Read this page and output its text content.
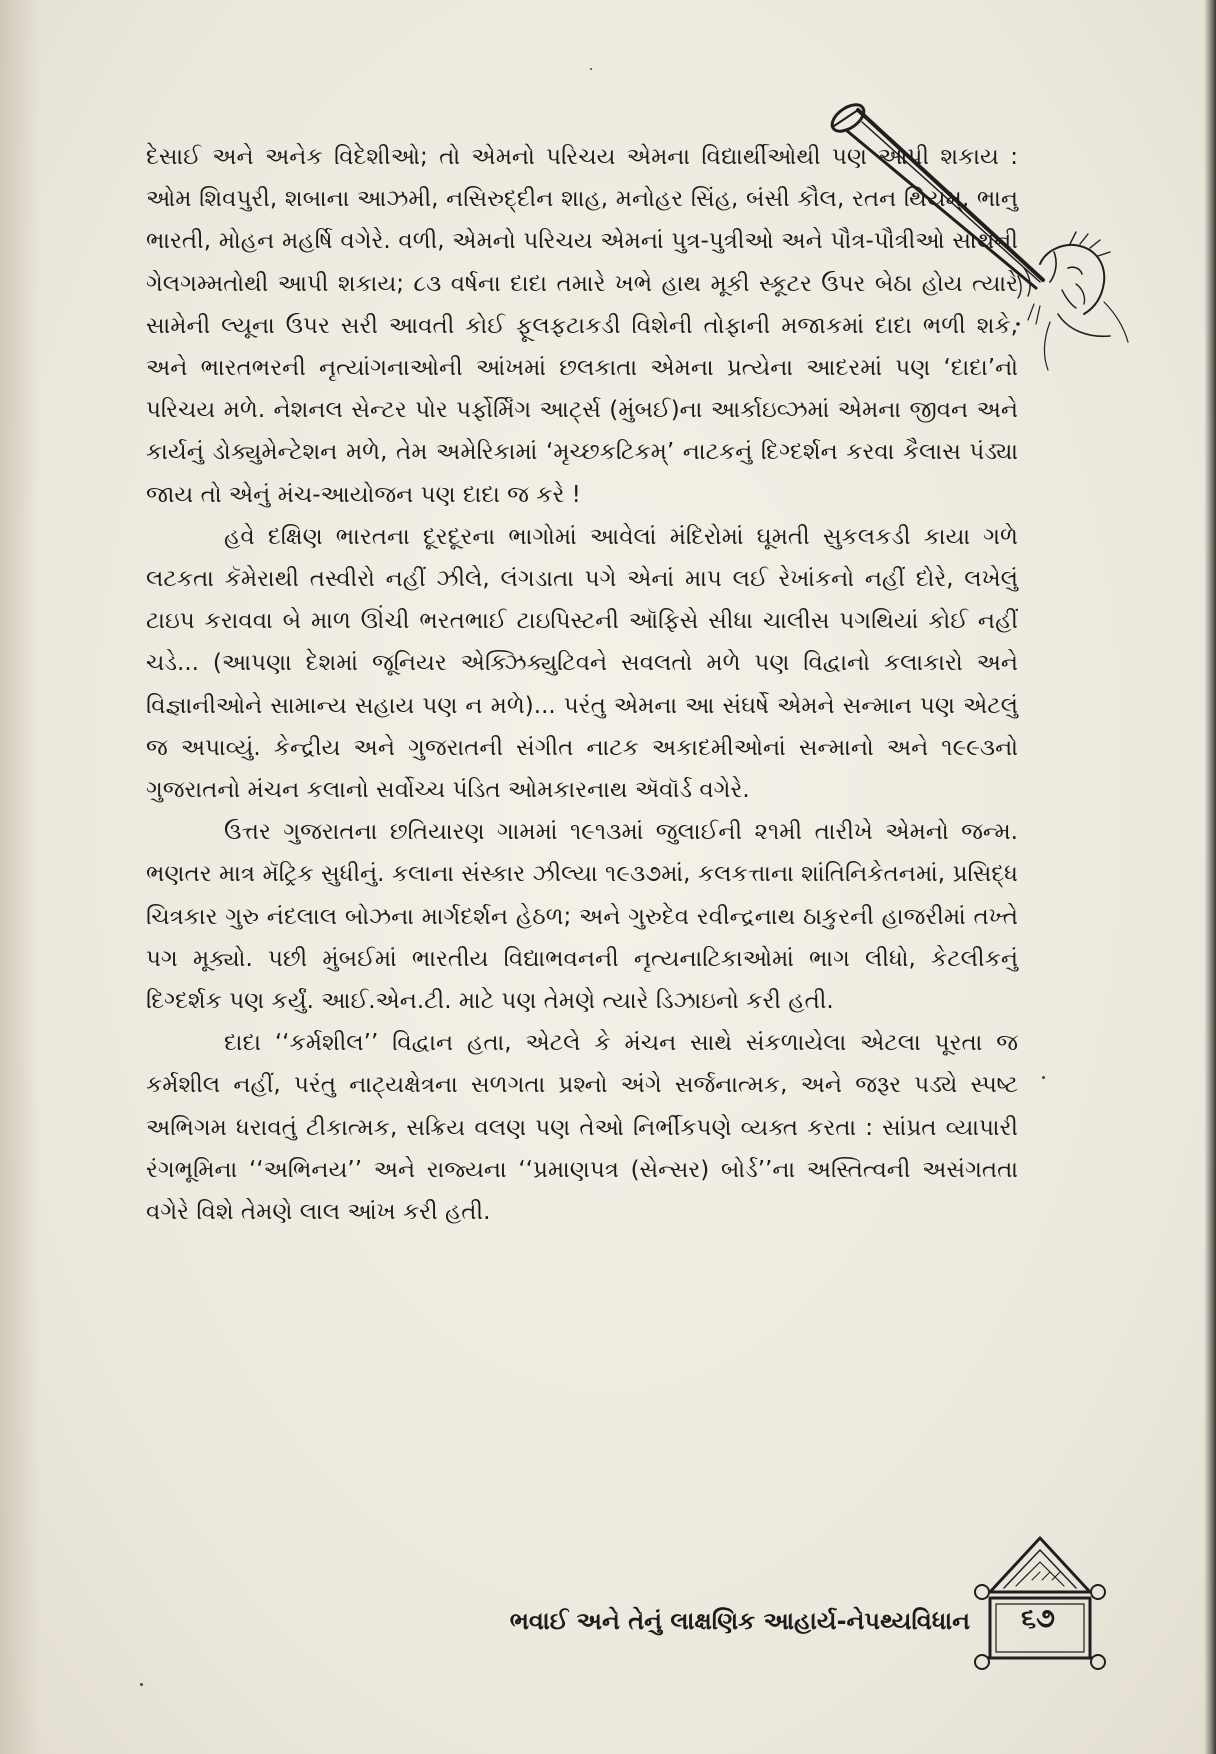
દેસાઈ અને અનેક વિદેશીઓ; તો એમનો પરિચય એમના વિદ્યાર્થીઓથી પણ આપી શકાય : ઓમ શિવપુરી, શબાના આઝમી, નસિરુદ્દીન શાહ, મનોહર સિંહ, બંસી કૌલ, રતન થિયમ્, ભાનુ ભારતી, મોહન મહર્ષિ વગેરે. વળી, એમનો પરિચય એમનાં પુત્ર-પુત્રીઓ અને પૌત્ર-પૌત્રીઓ સાથેની ગેલગમ્મતોથી આપી શકાય; ૮૩ વર્ષના દાદા તમારે ખભે હાથ મૂકી સ્કૂટર ઉપર બેઠા હોય ત્યારે સામેની લ્યૂના ઉપર સરી આવતી કોઈ ફૂલફટાકડી વિશેની તોફાની મજાકમાં દાદા ભળી શકે, અને ભારતભરની નૃત્યાંગનાઓની આંખમાં છલકાતા એમના પ્રત્યેના આદરમાં પણ ‘દાદા’નો પરિચય મળે. નેશનલ સેન્ટર પોર પર્ફોર્મિંગ આર્ટ્સ (મુંબઈ)ના આર્કાઇવ્ઝમાં એમના જીવન અને કાર્યનું ડોક્યુમેન્ટેશન મળે, તેમ અમેરિકામાં ‘મૃચ્છકટિકમ્’ નાટકનું દિગ્દર્શન કરવા કૈલાસ પંડ્યા જાય તો એનું મંચ-આયોજન પણ દાદા જ કરે !

હવે દક્ષિણ ભારતના દૂરદૂરના ભાગોમાં આવેલાં મંદિરોમાં ઘૂમતી સુકલકડી કાયા ગળે લટકતા કૅમેરાથી તસ્વીરો નહીં ઝીલે, લંગડાતા પગે એનાં માપ લઈ રેખાંકનો નહીં દોરે, લખેલું ટાઇપ કરાવવા બે માળ ઊંચી ભરતભાઈ ટાઇપિસ્ટની ઑફિસે સીધા ચાલીસ પગથિયાં કોઈ નહીં ચડે... (આપણા દેશમાં જૂનિયર એક્ઝિક્યુટિવને સવલતો મળે પણ વિદ્વાનો કલાકારો અને વિજ્ઞાનીઓને સામાન્ય સહાય પણ ન મળે)... પરંતુ એમના આ સંઘર્ષે એમને સન્માન પણ એટલું જ અપાવ્યું. કેન્દ્રીય અને ગુજરાતની સંગીત નાટક અકાદમીઓનાં સન્માનો અને ૧૯૯૩નો ગુજરાતનો મંચન કલાનો સર્વોચ્ચ પંડિત ઓમકારનાથ ઍવૉર્ડ વગેરે.

ઉત્તર ગુજરાતના છતિયારણ ગામમાં ૧૯૧૩માં જુલાઈની ૨૧મી તારીખે એમનો જન્મ. ભણતર માત્ર મૅટ્રિક સુધીનું. કલાના સંસ્કાર ઝીલ્યા ૧૯૩૭માં, કલકત્તાના શાંતિનિકેતનમાં, પ્રસિદ્ધ ચિત્રકાર ગુરુ નંદલાલ બોઝના માર્ગદર્શન હેઠળ; અને ગુરુદેવ રવીન્દ્રનાથ ઠાકુરની હાજરીમાં તખ્તે પગ મૂક્યો. પછી મુંબઈમાં ભારતીય વિદ્યાભવનની નૃત્યનાટિકાઓમાં ભાગ લીધો, કેટલીકનું દિગ્દર્શક પણ કર્યું. આઈ.એન.ટી. માટે પણ તેમણે ત્યારે ડિઝાઇનો કરી હતી.

દાદા ‘‘કર્મશીલ’’ વિદ્વાન હતા, એટલે કે મંચન સાથે સંકળાયેલા એટલા પૂરતા જ કર્મશીલ નહીં, પરંતુ નાટ્યક્ષેત્રના સળગતા પ્રશ્નો અંગે સર્જનાત્મક, અને જરૂર પડ્યે સ્પષ્ટ અભિગમ ધરાવતું ટીકાત્મક, સક્રિય વલણ પણ તેઓ નિર્ભીકપણે વ્યક્ત કરતા : સાંપ્રત વ્યાપારી રંગભૂમિના ‘‘અભિનય’’ અને રાજ્યના ‘‘પ્રમાણપત્ર (સેન્સર) બોર્ડ’’ના અસ્તિત્વની અસંગતતા વગેરે વિશે તેમણે લાલ આંખ કરી હતી.

ભવાઈ અને તેનું લાક્ષણિક આહાર્ય-નેપથ્યવિધાન	૬૭
